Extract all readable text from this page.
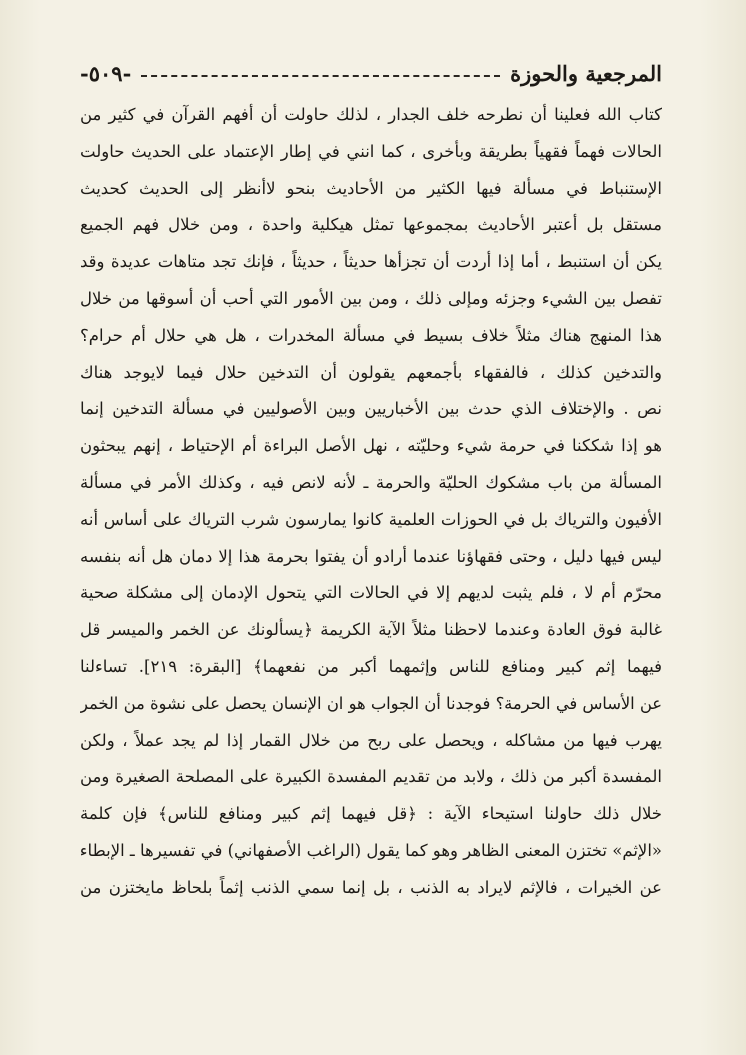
المرجعية والحوزة
-٥٠٩-
كتاب الله فعلينا أن نطرحه خلف الجدار ، لذلك حاولت أن أفهم القرآن في كثير من
الحالات فهماً فقهياً بطريقة وبأخرى ، كما انني في إطار الإعتماد على الحديث حاولت
الإستنباط في مسألة فيها الكثير من الأحاديث بنحو لاأنظر إلى الحديث كحديث
مستقل بل أعتبر الأحاديث بمجموعها تمثل هيكلية واحدة ، ومن خلال فهم الجميع
يكن أن استنبط ، أما إذا أردت أن تجزأها حديثاً ، حديثاً ، فإنك تجد متاهات عديدة وقد
تفصل بين الشيء وجزئه ومإلى ذلك ، ومن بين الأمور التي أحب أن أسوقها من خلال
هذا المنهج هناك مثلاً خلاف بسيط في مسألة المخدرات ، هل هي حلال أم حرام؟
والتدخين كذلك ، فالفقهاء بأجمعهم يقولون أن التدخين حلال فيما لايوجد هناك
نص . والإختلاف الذي حدث بين الأخباريين وبين الأصوليين في مسألة التدخين إنما
هو إذا شككنا في حرمة شيء وحليّته ، نهل الأصل البراءة أم الإحتياط ، إنهم يبحثون
المسألة من باب مشكوك الحليّة والحرمة ـ لأنه لانص فيه ، وكذلك الأمر في مسألة
الأفيون والترياك بل في الحوزات العلمية كانوا يمارسون شرب الترياك على أساس أنه
ليس فيها دليل ، وحتى فقهاؤنا عندما أرادو أن يفتوا بحرمة هذا إلا دمان هل أنه بنفسه
محرّم أم لا ، فلم يثبت لديهم إلا في الحالات التي يتحول الإدمان إلى مشكلة صحية
غالبة فوق العادة وعندما لاحظنا مثلاً الآية الكريمة ﴿يسألونك عن الخمر والميسر قل
فيهما إثم كبير ومنافع للناس وإثمهما أكبر من نفعهما﴾ [البقرة: ٢١٩]. تساءلنا
عن الأساس في الحرمة؟ فوجدنا أن الجواب هو ان الإنسان يحصل على نشوة من الخمر
يهرب فيها من مشاكله ، ويحصل على ربح من خلال القمار إذا لم يجد عملاً ، ولكن
المفسدة أكبر من ذلك ، ولابد من تقديم المفسدة الكبيرة على المصلحة الصغيرة ومن
خلال ذلك حاولنا استيحاء الآية : ﴿قل فيهما إثم كبير ومنافع للناس﴾ فإن كلمة
«الإثم» تختزن المعنى الظاهر وهو كما يقول (الراغب الأصفهاني) في تفسيرها ـ الإبطاء
عن الخيرات ، فالإثم لايراد به الذنب ، بل إنما سمي الذنب إثماً بلحاظ مايختزن من
